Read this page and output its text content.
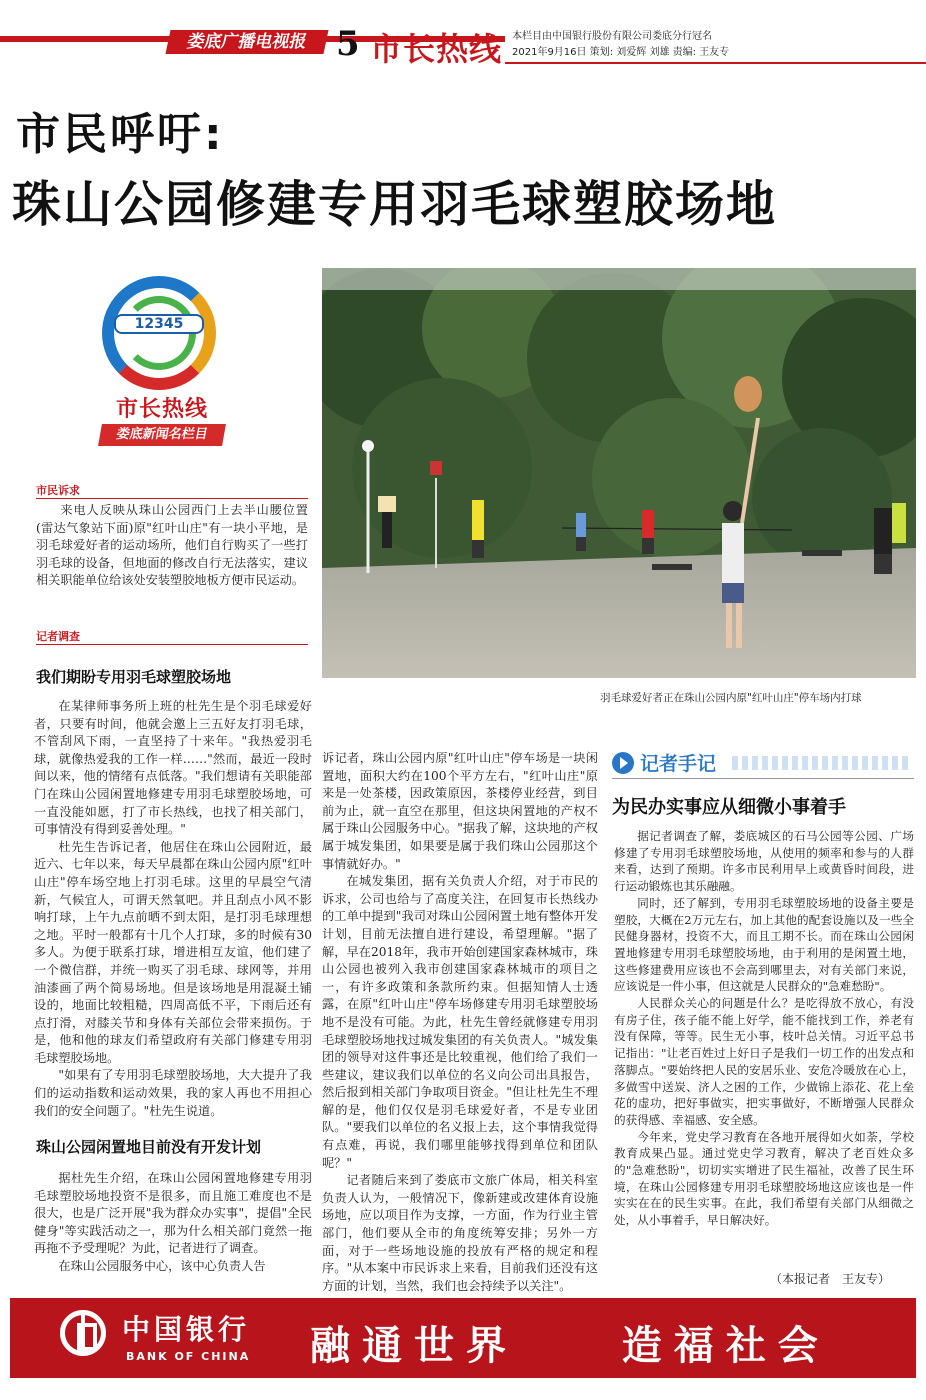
娄底广播电视报 5 市长热线 本栏目由中国银行股份有限公司娄底分行冠名
2021年9月16日 策划: 刘爱辉 刘雄 责编: 王友专
市民呼吁:
珠山公园修建专用羽毛球塑胶场地
12345
市长热线
娄底新闻名栏目
羽毛球爱好者正在珠山公园内原"红叶山庄"停车场内打球
市民诉求

来电人反映从珠山公园西门上去半山腰位置(雷达气象站下面)原"红叶山庄"有一块小平地，是羽毛球爱好者的运动场所，他们自行购买了一些打羽毛球的设备，但地面的修改自行无法落实，建议相关职能单位给该处安装塑胶地板方便市民运动。

记者调查
我们期盼专用羽毛球塑胶场地

在某律师事务所上班的杜先生是个羽毛球爱好者，只要有时间，他就会邀上三五好友打羽毛球，不管刮风下雨，一直坚持了十来年。"我热爱羽毛球，就像热爱我的工作一样……"然而，最近一段时间以来，他的情绪有点低落。"我们想请有关职能部门在珠山公园闲置地修建专用羽毛球塑胶场地，可一直没能如愿，打了市长热线，也找了相关部门，可事情没有得到妥善处理。"

杜先生告诉记者，他居住在珠山公园附近，最近六、七年以来，每天早晨都在珠山公园内原"红叶山庄"停车场空地上打羽毛球。这里的早晨空气清新，气候宜人，可谓天然氧吧。并且刮点小风不影响打球，上午九点前晒不到太阳，是打羽毛球理想之地。平时一般都有十几个人打球，多的时候有30多人。为便于联系打球，增进相互友谊，他们建了一个微信群，并统一购买了羽毛球、球网等，并用油漆画了两个简易场地。但是该场地是用混凝土铺设的，地面比较粗糙，四周高低不平，下雨后还有点打滑，对膝关节和身体有关部位会带来损伤。于是，他和他的球友们希望政府有关部门修建专用羽毛球塑胶场地。

"如果有了专用羽毛球塑胶场地，大大提升了我们的运动指数和运动效果，我的家人再也不用担心我们的安全问题了。"杜先生说道。

珠山公园闲置地目前没有开发计划

据杜先生介绍，在珠山公园闲置地修建专用羽毛球塑胶场地投资不是很多，而且施工难度也不是很大，也是广泛开展"我为群众办实事"，提倡"全民健身"等实践活动之一，那为什么相关部门竟然一拖再拖不予受理呢？为此，记者进行了调查。

在珠山公园服务中心，该中心负责人告

诉记者，珠山公园内原"红叶山庄"停车场是一块闲置地，面积大约在100个平方左右，"红叶山庄"原来是一处茶楼，因政策原因，茶楼停业经营，到目前为止，就一直空在那里，但这块闲置地的产权不属于珠山公园服务中心。"据我了解，这块地的产权属于城发集团，如果要是属于我们珠山公园那这个事情就好办。"

在城发集团，据有关负责人介绍，对于市民的诉求，公司也给与了高度关注，在回复市长热线办的工单中提到"我司对珠山公园闲置土地有整体开发计划，目前无法擅自进行建设，希望理解。"据了解，早在2018年，我市开始创建国家森林城市，珠山公园也被列入我市创建国家森林城市的项目之一，有许多政策和条款所约束。但据知情人士透露，在原"红叶山庄"停车场修建专用羽毛球塑胶场地不是没有可能。为此，杜先生曾经就修建专用羽毛球塑胶场地找过城发集团的有关负责人。"城发集团的领导对这件事还是比较重视，他们给了我们一些建议，建议我们以单位的名义向公司出具报告，然后报到相关部门争取项目资金。"但让杜先生不理解的是，他们仅仅是羽毛球爱好者，不是专业团队。"要我们以单位的名义报上去，这个事情我觉得有点难，再说，我们哪里能够找得到单位和团队呢？"

记者随后来到了娄底市文旅广体局，相关科室负责人认为，一般情况下，像新建或改建体育设施场地，应以项目作为支撑，一方面，作为行业主管部门，他们要从全市的角度统筹安排；另外一方面，对于一些场地设施的投放有严格的规定和程序。"从本案中市民诉求上来看，目前我们还没有这方面的计划，当然，我们也会持续予以关注"。

记者手记
为民办实事应从细微小事着手

据记者调查了解，娄底城区的石马公园等公园、广场修建了专用羽毛球塑胶场地，从使用的频率和参与的人群来看，达到了预期。许多市民利用早上或黄昏时间段，进行运动锻炼也其乐融融。

同时，还了解到，专用羽毛球塑胶场地的设备主要是塑胶，大概在2万元左右，加上其他的配套设施以及一些全民健身器材，投资不大，而且工期不长。而在珠山公园闲置地修建专用羽毛球塑胶场地，由于利用的是闲置土地，这些修建费用应该也不会高到哪里去，对有关部门来说，应该说是一件小事，但这就是人民群众的"急难愁盼"。

人民群众关心的问题是什么？是吃得放不放心，有没有房子住，孩子能不能上好学，能不能找到工作，养老有没有保障，等等。民生无小事，枝叶总关情。习近平总书记指出："让老百姓过上好日子是我们一切工作的出发点和落脚点。"要始终把人民的安居乐业、安危冷暖放在心上，多做雪中送炭、济人之困的工作，少做锦上添花、花上垒花的虚功，把好事做实，把实事做好，不断增强人民群众的获得感、幸福感、安全感。

今年来，党史学习教育在各地开展得如火如荼，学校教育成果凸显。通过党史学习教育，解决了老百姓众多的"急难愁盼"，切切实实增进了民生福祉，改善了民生环境，在珠山公园修建专用羽毛球塑胶场地这应该也是一件实实在在的民生实事。在此，我们希望有关部门从细微之处，从小事着手，早日解决好。

（本报记者　王友专）
中国银行
BANK OF CHINA 融通世界    造福社会
